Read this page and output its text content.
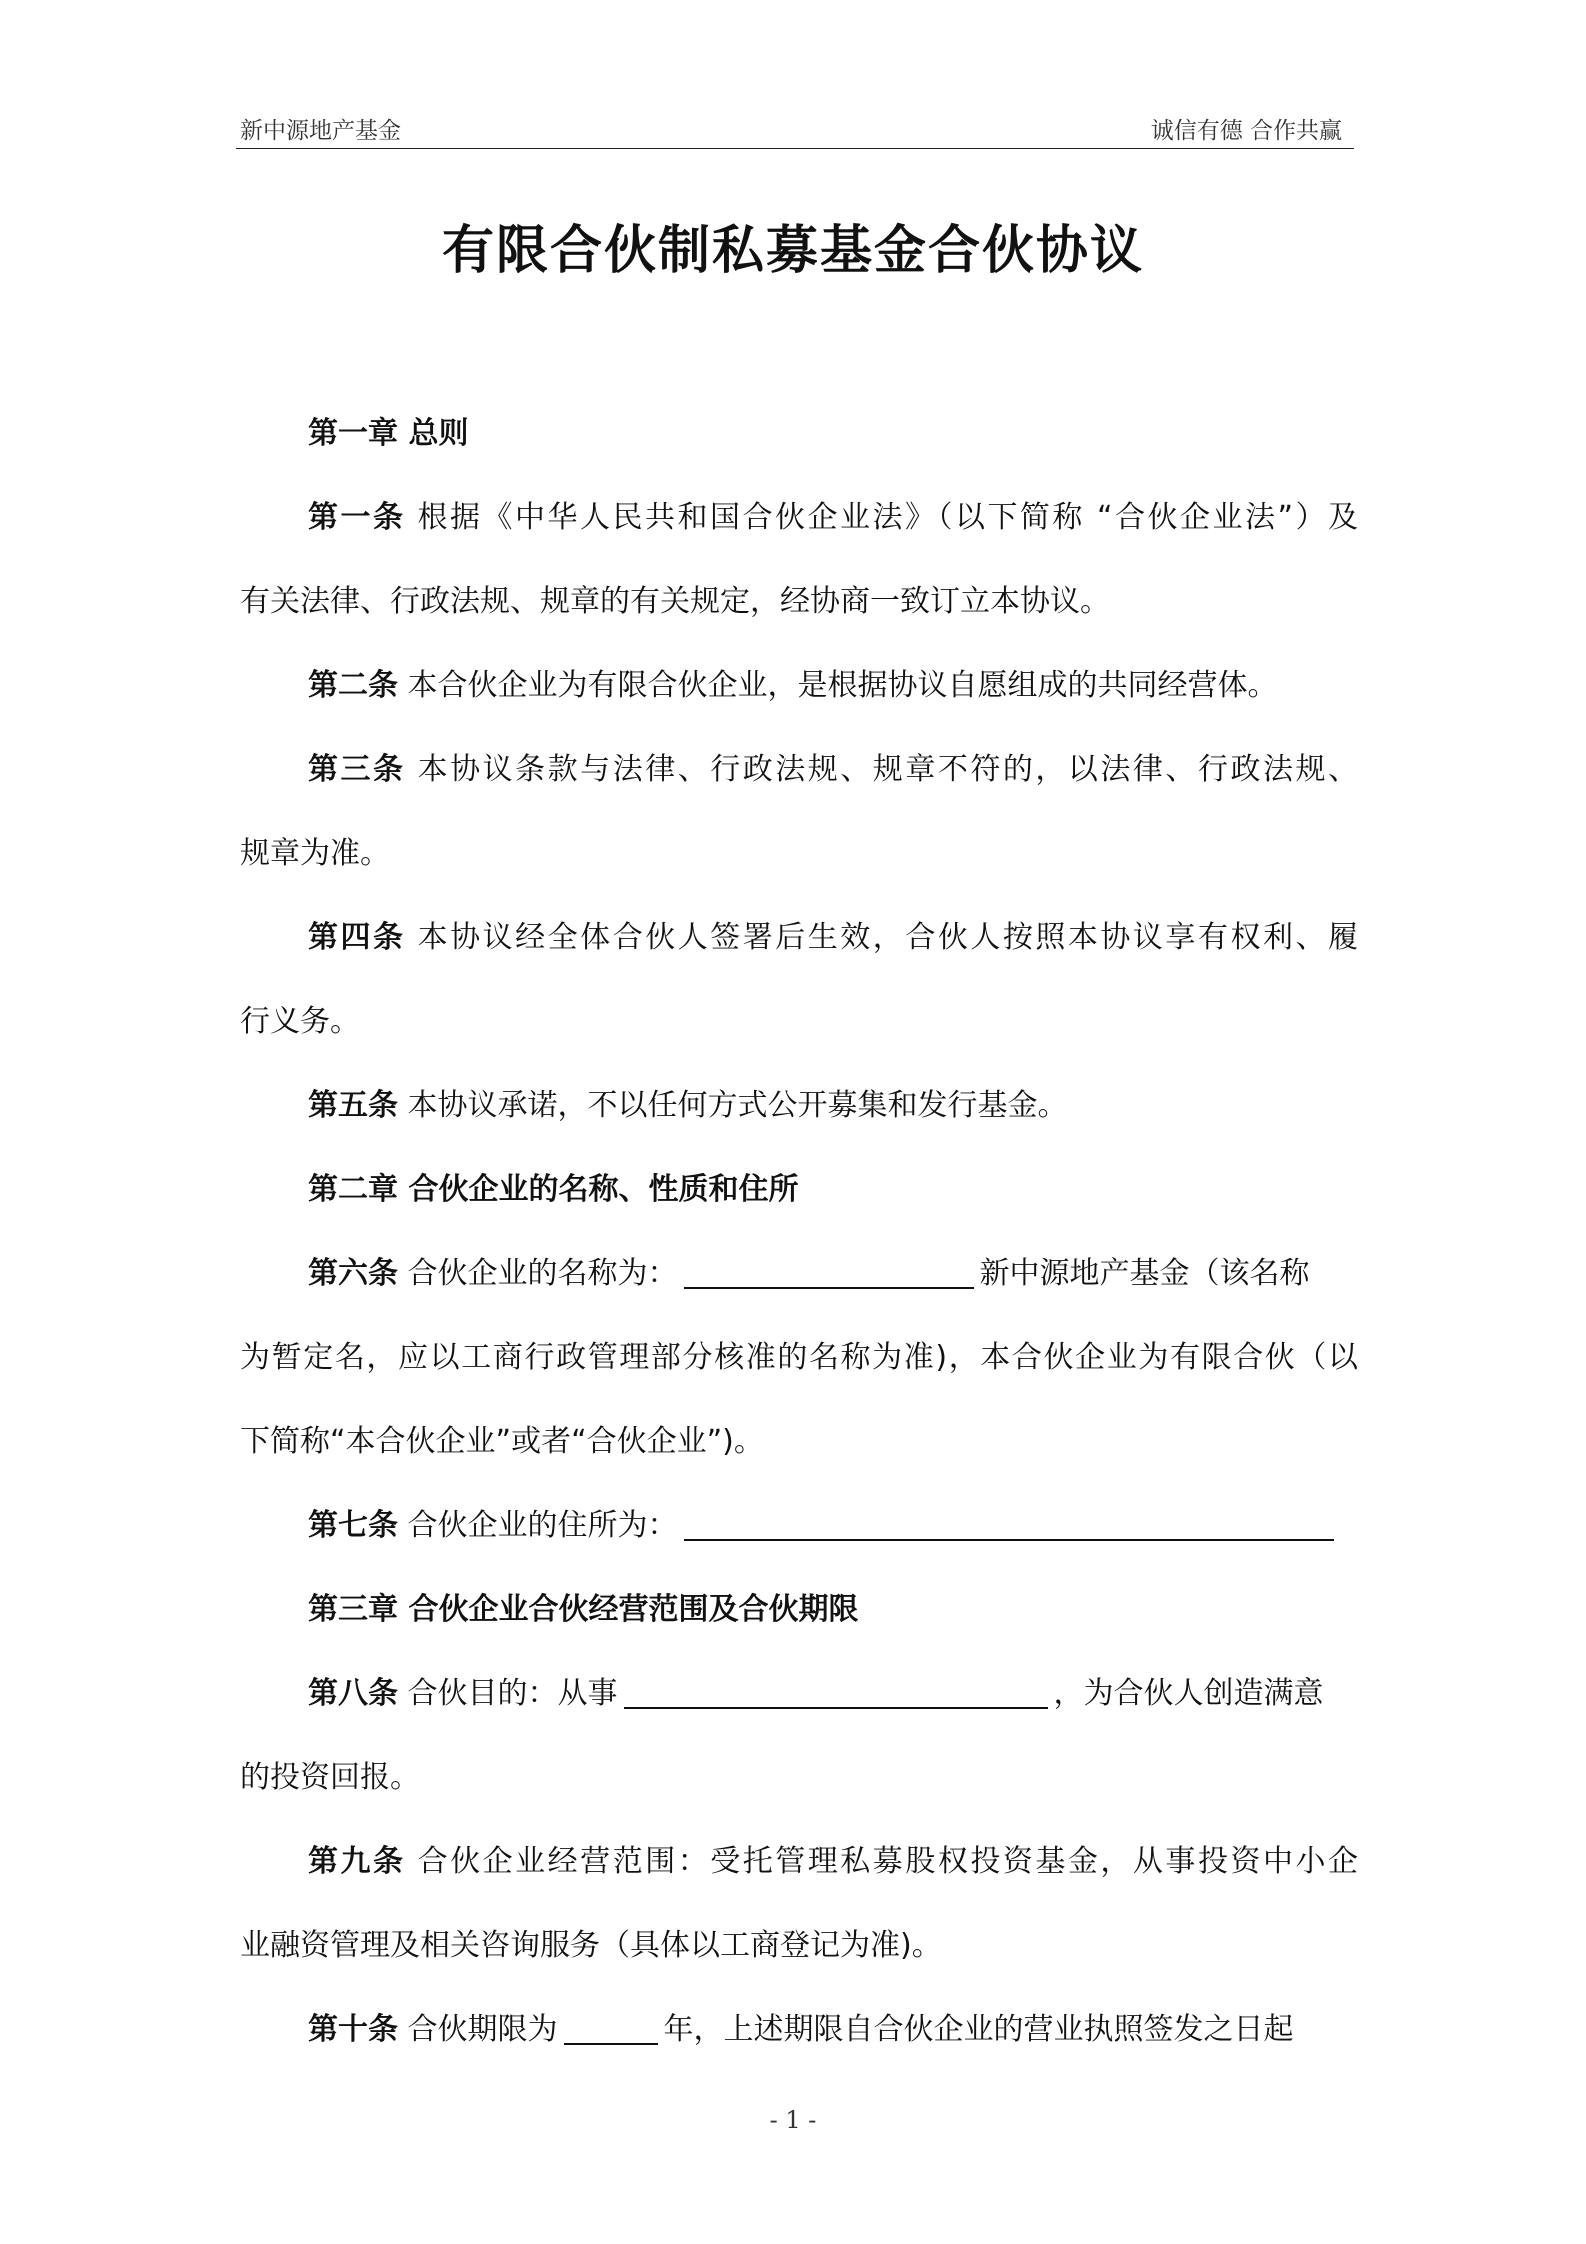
新中源地产基金	诚信有德 合作共赢
有限合伙制私募基金合伙协议
第一章 总则
第一条 根据《中华人民共和国合伙企业法》（以下简称 “合伙企业法”）及
有关法律、行政法规、规章的有关规定，经协商一致订立本协议。
第二条 本合伙企业为有限合伙企业，是根据协议自愿组成的共同经营体。
第三条 本协议条款与法律、行政法规、规章不符的，以法律、行政法规、
规章为准。
第四条 本协议经全体合伙人签署后生效，合伙人按照本协议享有权利、履
行义务。
第五条 本协议承诺，不以任何方式公开募集和发行基金。
第二章 合伙企业的名称、性质和住所
第六条 合伙企业的名称为：	新中源地产基金（该名称
为暂定名，应以工商行政管理部分核准的名称为准)，本合伙企业为有限合伙（以
下简称“本合伙企业”或者“合伙企业”)。
第七条 合伙企业的住所为：
第三章 合伙企业合伙经营范围及合伙期限
第八条 合伙目的：从事	，为合伙人创造满意
的投资回报。
第九条 合伙企业经营范围：受托管理私募股权投资基金，从事投资中小企
业融资管理及相关咨询服务（具体以工商登记为准)。
第十条 合伙期限为	年，上述期限自合伙企业的营业执照签发之日起
- 1 -
